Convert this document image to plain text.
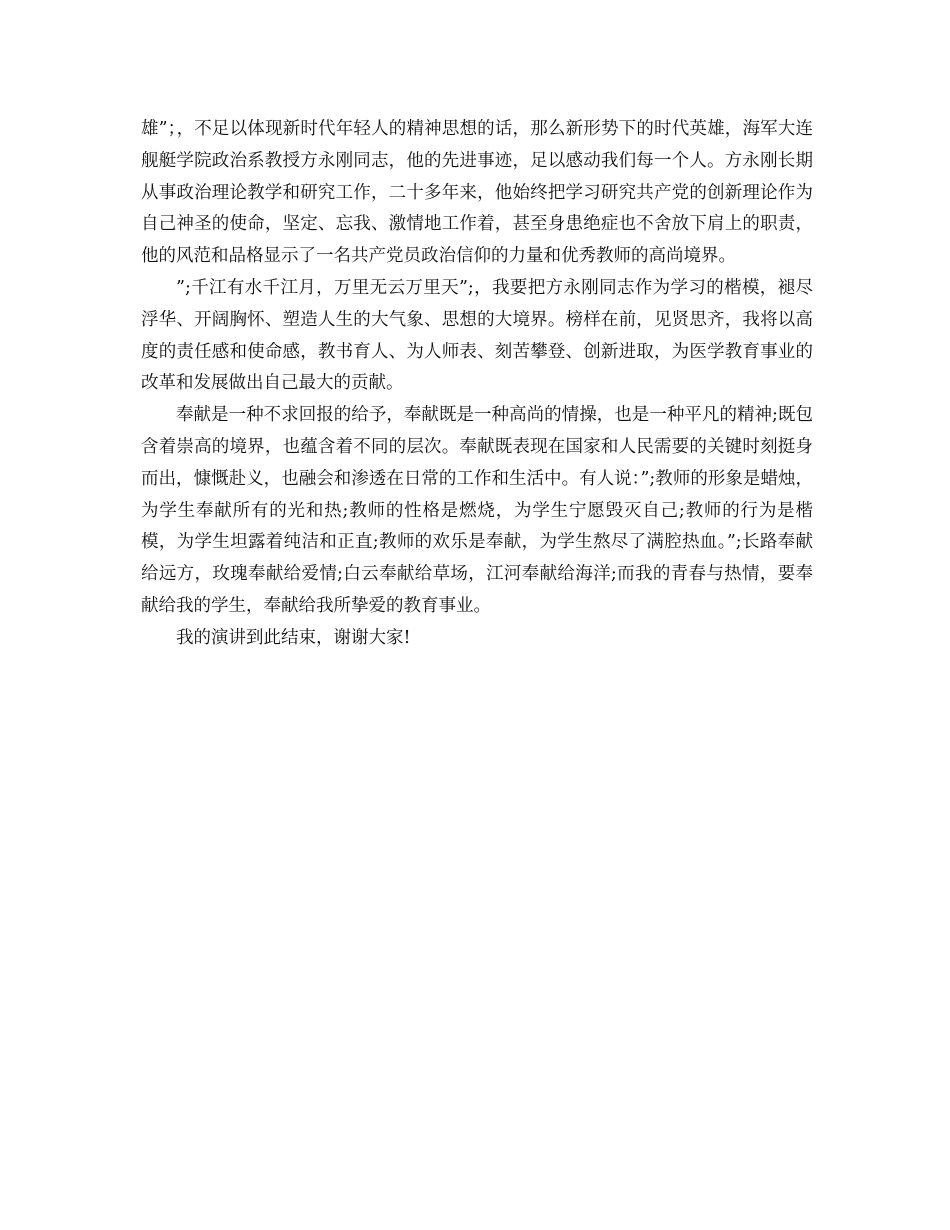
雄”；，不足以体现新时代年轻人的精神思想的话，那么新形势下的时代英雄，海军大连舰艇学院政治系教授方永刚同志，他的先进事迹，足以感动我们每一个人。方永刚长期从事政治理论教学和研究工作，二十多年来，他始终把学习研究共产党的创新理论作为自己神圣的使命，坚定、忘我、激情地工作着，甚至身患绝症也不舍放下肩上的职责，他的风范和品格显示了一名共产党员政治信仰的力量和优秀教师的高尚境界。

”;千江有水千江月，万里无云万里天”;，我要把方永刚同志作为学习的楷模，褪尽浮华、开阔胸怀、塑造人生的大气象、思想的大境界。榜样在前，见贤思齐，我将以高度的责任感和使命感，教书育人、为人师表、刻苦攀登、创新进取，为医学教育事业的改革和发展做出自己最大的贡献。

奉献是一种不求回报的给予，奉献既是一种高尚的情操，也是一种平凡的精神;既包含着崇高的境界，也蕴含着不同的层次。奉献既表现在国家和人民需要的关键时刻挺身而出，慷慨赴义，也融会和渗透在日常的工作和生活中。有人说：”;教师的形象是蜡烛，为学生奉献所有的光和热;教师的性格是燃烧，为学生宁愿毁灭自己;教师的行为是楷模，为学生坦露着纯洁和正直;教师的欢乐是奉献，为学生熬尽了满腔热血。”;长路奉献给远方，玫瑰奉献给爱情;白云奉献给草场，江河奉献给海洋;而我的青春与热情，要奉献给我的学生，奉献给我所挚爱的教育事业。

我的演讲到此结束，谢谢大家!
